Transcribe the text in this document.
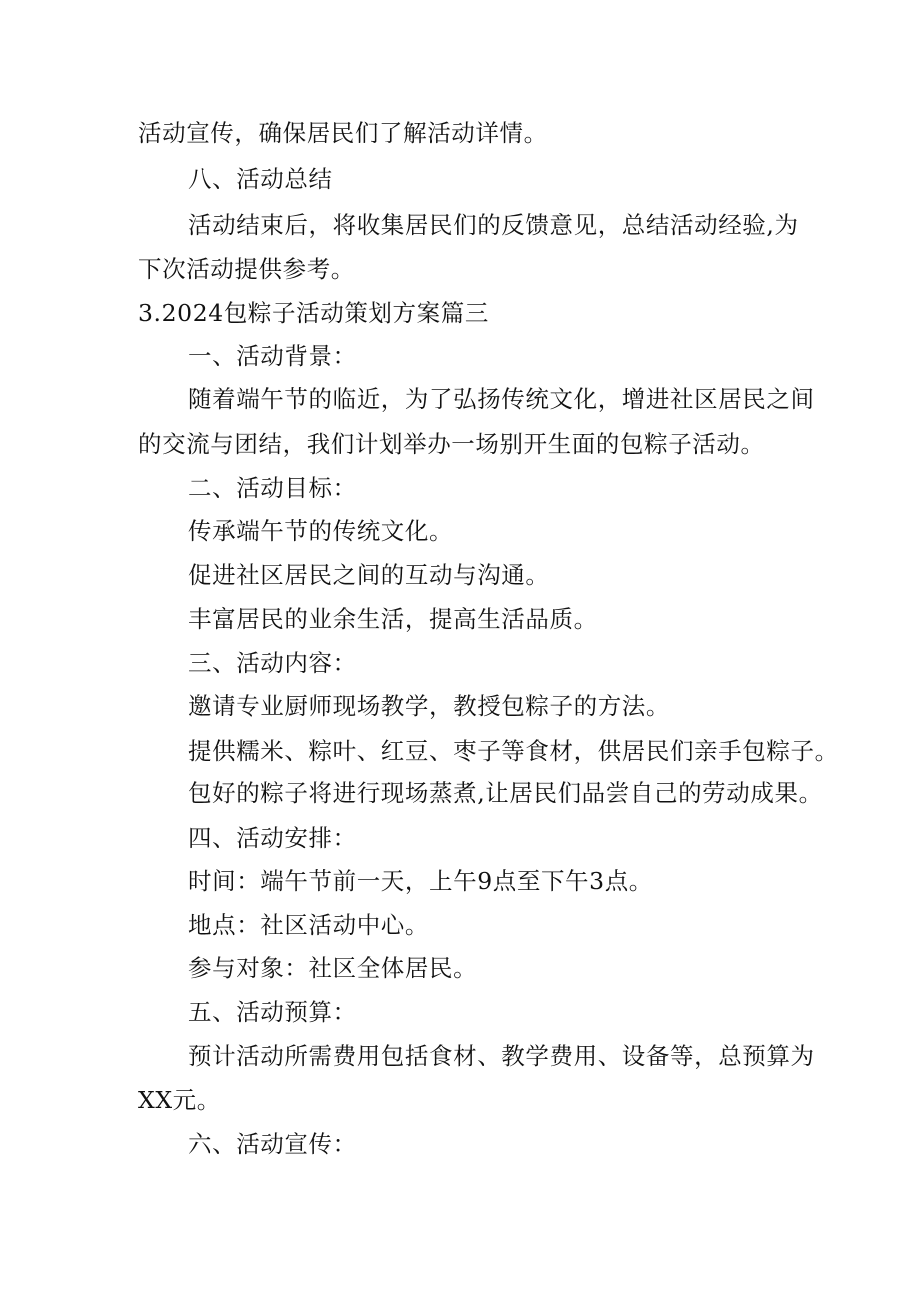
活动宣传，确保居民们了解活动详情。
八、活动总结
活动结束后，将收集居民们的反馈意见，总结活动经验,为
下次活动提供参考。
3.2024包粽子活动策划方案篇三
一、活动背景：
随着端午节的临近，为了弘扬传统文化，增进社区居民之间
的交流与团结，我们计划举办一场别开生面的包粽子活动。
二、活动目标：
传承端午节的传统文化。
促进社区居民之间的互动与沟通。
丰富居民的业余生活，提高生活品质。
三、活动内容：
邀请专业厨师现场教学，教授包粽子的方法。
提供糯米、粽叶、红豆、枣子等食材，供居民们亲手包粽子。
包好的粽子将进行现场蒸煮,让居民们品尝自己的劳动成果。
四、活动安排：
时间：端午节前一天，上午9点至下午3点。
地点：社区活动中心。
参与对象：社区全体居民。
五、活动预算：
预计活动所需费用包括食材、教学费用、设备等，总预算为
XX元。
六、活动宣传：
